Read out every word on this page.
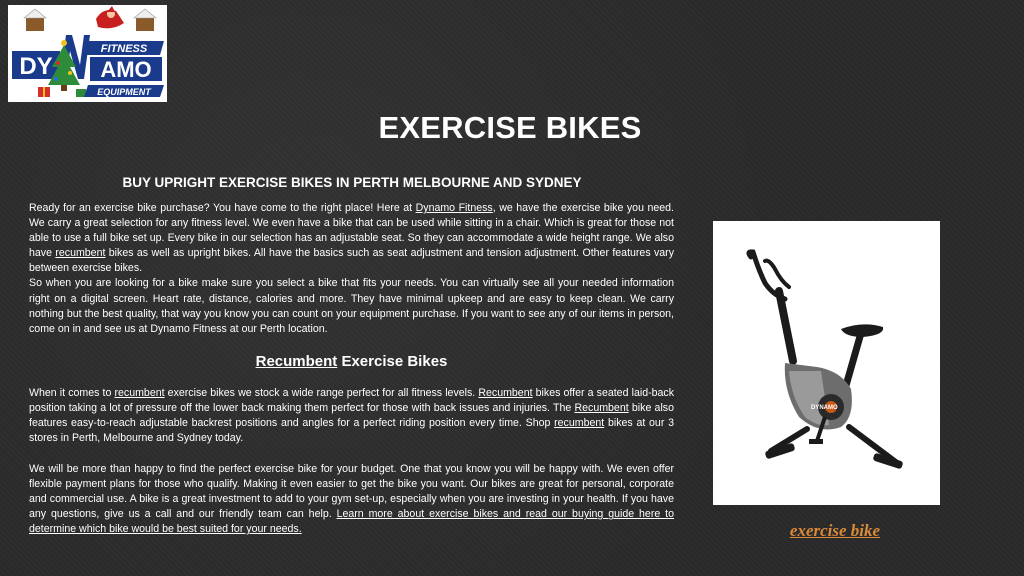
FITNESS
DY AMO
EQUIPMENT
EXERCISE BIKES
BUY UPRIGHT EXERCISE BIKES IN PERTH MELBOURNE AND SYDNEY
Ready for an exercise bike purchase? You have come to the right place! Here at Dynamo Fitness, we have the exercise bike you need. We carry a great selection for any fitness level. We even have a bike that can be used while sitting in a chair. Which is great for those not able to use a full bike set up. Every bike in our selection has an adjustable seat. So they can accommodate a wide height range. We also have recumbent bikes as well as upright bikes. All have the basics such as seat adjustment and tension adjustment. Other features vary between exercise bikes.
So when you are looking for a bike make sure you select a bike that fits your needs. You can virtually see all your needed information right on a digital screen. Heart rate, distance, calories and more. They have minimal upkeep and are easy to keep clean. We carry nothing but the best quality, that way you know you can count on your equipment purchase. If you want to see any of our items in person, come on in and see us at Dynamo Fitness at our Perth location.
Recumbent Exercise Bikes
When it comes to recumbent exercise bikes we stock a wide range perfect for all fitness levels. Recumbent bikes offer a seated laid-back position taking a lot of pressure off the lower back making them perfect for those with back issues and injuries. The Recumbent bike also features easy-to-reach adjustable backrest positions and angles for a perfect riding position every time. Shop recumbent bikes at our 3 stores in Perth, Melbourne and Sydney today.
We will be more than happy to find the perfect exercise bike for your budget. One that you know you will be happy with. We even offer flexible payment plans for those who qualify. Making it even easier to get the bike you want. Our bikes are great for personal, corporate and commercial use. A bike is a great investment to add to your gym set-up, especially when you are investing in your health. If you have any questions, give us a call and our friendly team can help. Learn more about exercise bikes and read our buying guide here to determine which bike would be best suited for your needs.
DYNAMO
exercise bike
